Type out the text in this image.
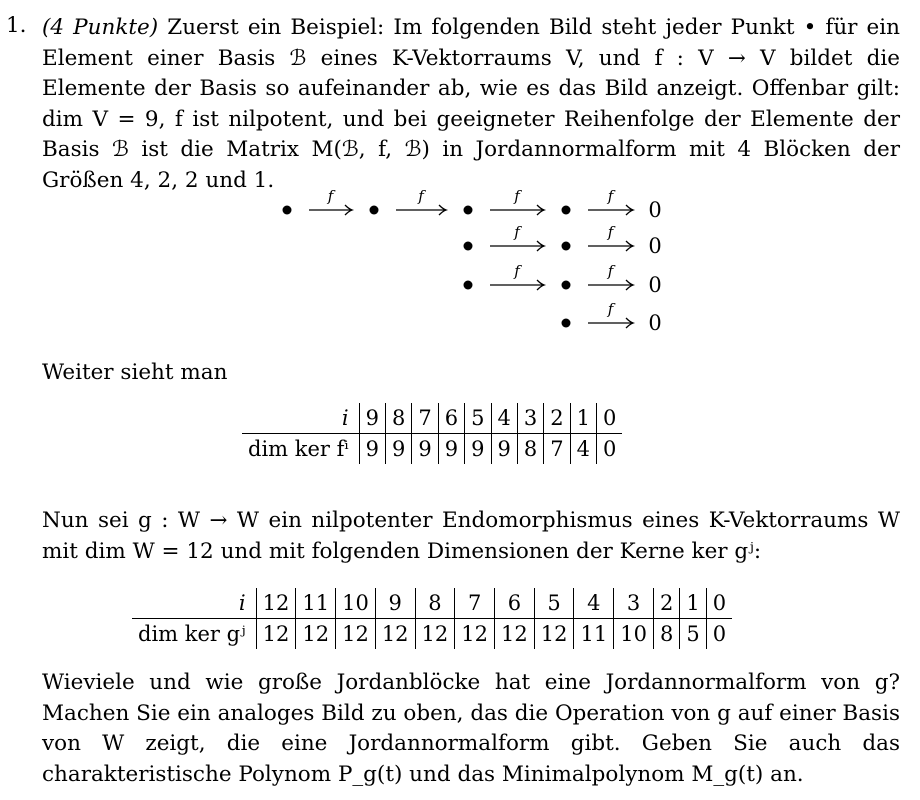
1. (4 Punkte) Zuerst ein Beispiel: Im folgenden Bild steht jeder Punkt • für ein Element einer Basis ℬ eines K-Vektorraums V, und f : V → V bildet die Elemente der Basis so aufeinander ab, wie es das Bild anzeigt. Offenbar gilt: dim V = 9, f ist nilpotent, und bei geeigneter Reihenfolge der Elemente der Basis ℬ ist die Matrix M(ℬ, f, ℬ) in Jordannormalform mit 4 Blöcken der Größen 4, 2, 2 und 1.

f	f	f	f
0
f	f
0
f	f
0
f
0

Weiter sieht man

i	9	8	7	6	5	4	3	2	1	0
dim ker fⁱ	9	9	9	9	9	9	8	7	4	0

Nun sei g : W → W ein nilpotenter Endomorphismus eines K-Vektorraums W mit dim W = 12 und mit folgenden Dimensionen der Kerne ker gʲ:

i	12	11	10	9	8	7	6	5	4	3	2	1	0
dim ker gʲ	12	12	12	12	12	12	12	12	11	10	8	5	0

Wieviele und wie große Jordanblöcke hat eine Jordannormalform von g? Machen Sie ein analoges Bild zu oben, das die Operation von g auf einer Basis von W zeigt, die eine Jordannormalform gibt. Geben Sie auch das charakteristische Polynom P_g(t) und das Minimalpolynom M_g(t) an.
